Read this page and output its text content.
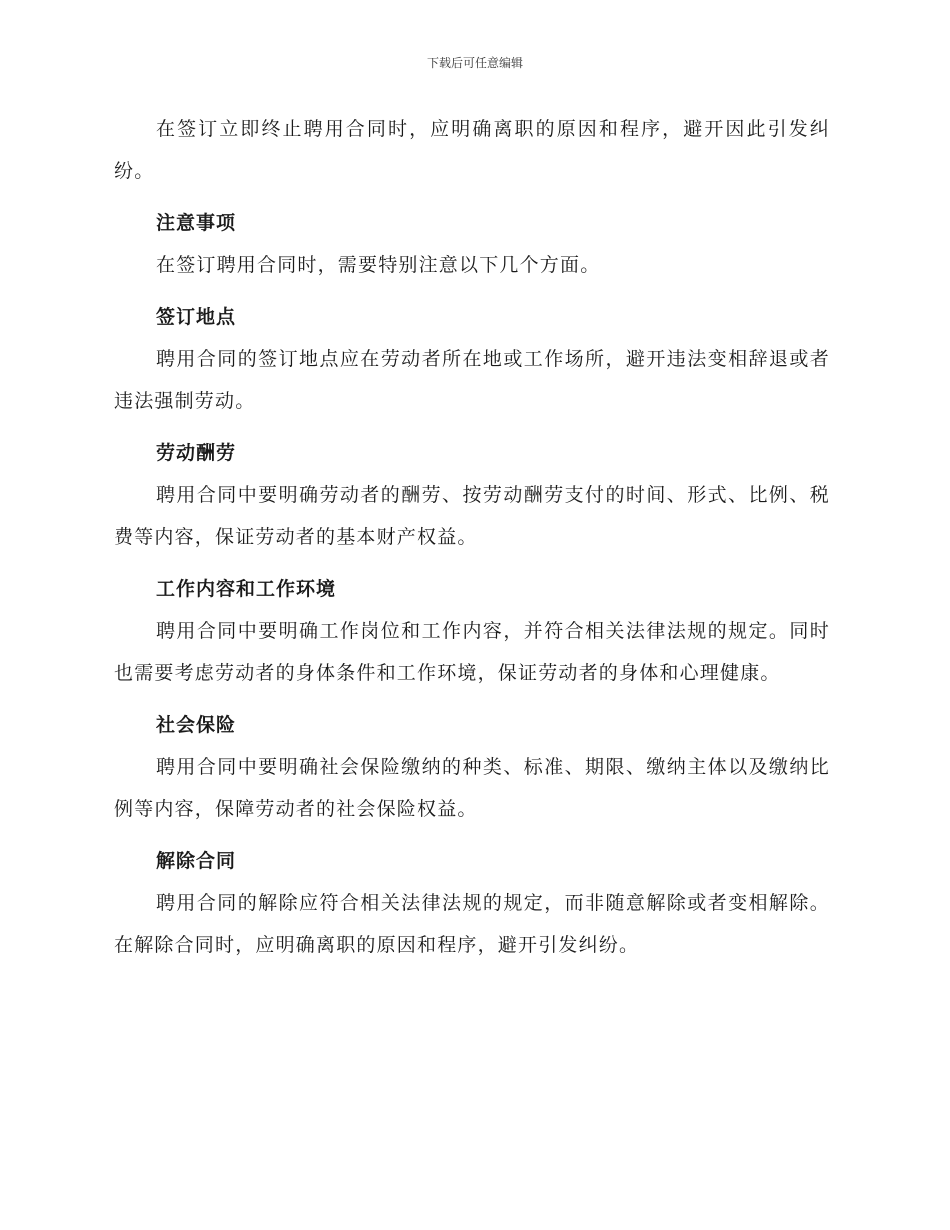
下载后可任意编辑

在签订立即终止聘用合同时，应明确离职的原因和程序，避开因此引发纠纷。

注意事项

在签订聘用合同时，需要特别注意以下几个方面。

签订地点

聘用合同的签订地点应在劳动者所在地或工作场所，避开违法变相辞退或者违法强制劳动。

劳动酬劳

聘用合同中要明确劳动者的酬劳、按劳动酬劳支付的时间、形式、比例、税费等内容，保证劳动者的基本财产权益。

工作内容和工作环境

聘用合同中要明确工作岗位和工作内容，并符合相关法律法规的规定。同时也需要考虑劳动者的身体条件和工作环境，保证劳动者的身体和心理健康。

社会保险

聘用合同中要明确社会保险缴纳的种类、标准、期限、缴纳主体以及缴纳比例等内容，保障劳动者的社会保险权益。

解除合同

聘用合同的解除应符合相关法律法规的规定，而非随意解除或者变相解除。在解除合同时，应明确离职的原因和程序，避开引发纠纷。
